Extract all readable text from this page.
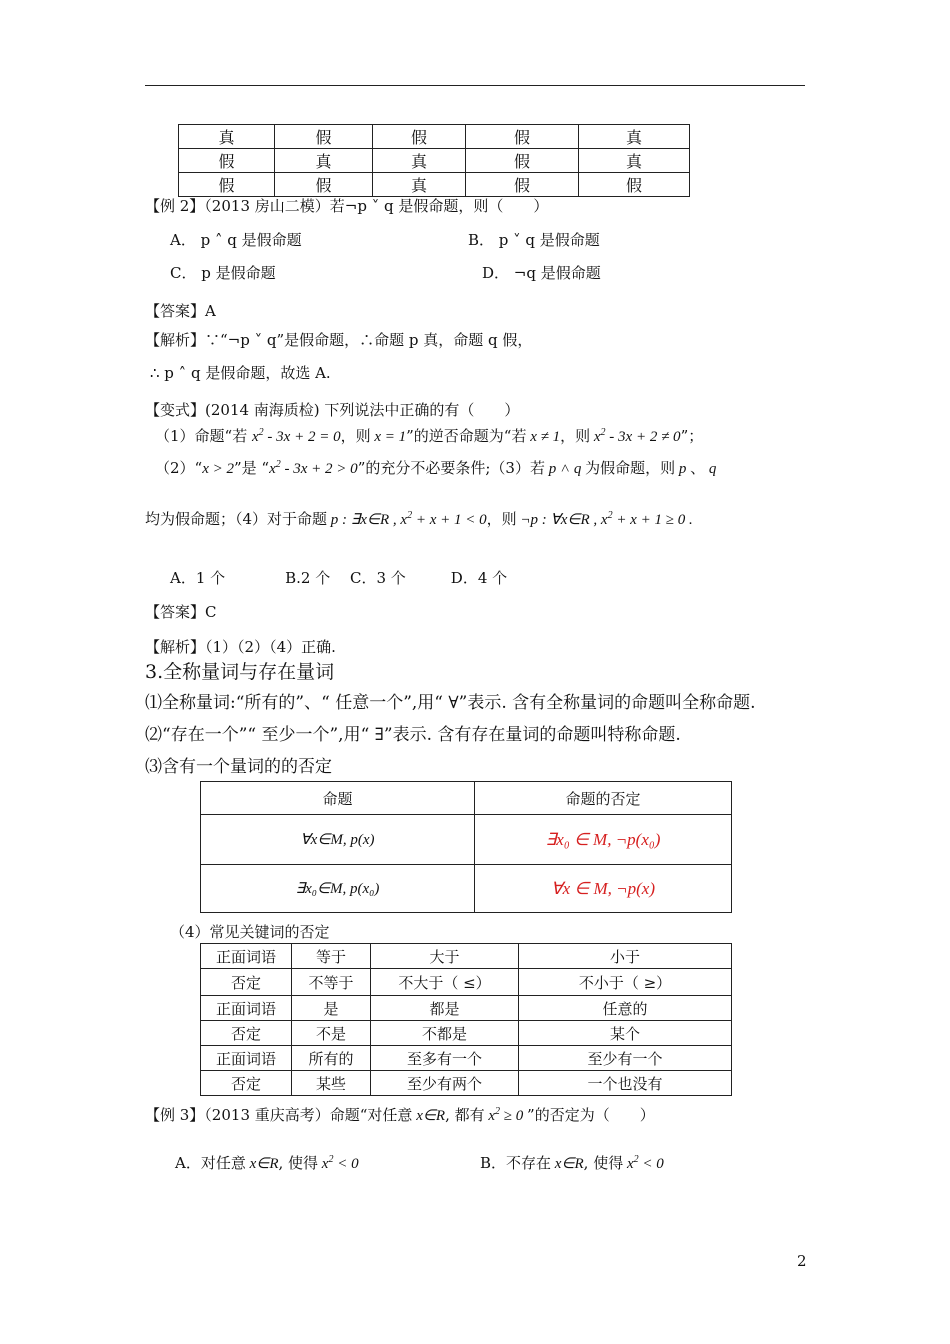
真	假	假	假	真
假	真	真	假	真
假	假	真	假	假
【例 2】（2013 房山二模）若¬p ˅ q 是假命题，则（　　）
A． p ˄ q 是假命题	B． p ˅ q 是假命题
C． p 是假命题	D． ¬q 是假命题
【答案】A
【解析】∵“¬p ˅ q”是假命题，∴命题 p 真，命题 q 假，
∴ p ˄ q 是假命题，故选 A.
【变式】(2014 南海质检) 下列说法中正确的有（　　）
（1）命题“若 $x^2 - 3x + 2 = 0$，则 x = 1”的逆否命题为“若 x ≠ 1，则 $x^2 - 3x + 2 \ne 0$”；
（2）“x > 2”是 “$x^2 - 3x + 2 > 0$”的充分不必要条件;（3）若 p ˄ q 为假命题，则 p 、 q
均为假命题；（4）对于命题 p : ∃x∈R , $x^2 + x + 1 < 0$，则 ¬p : ∀x∈R , $x^2 + x + 1 \ge 0$ .
A．1 个　　　　B.2 个　 C．3 个　　　D．4 个
【答案】C
【解析】（1）（2）（4）正确.
3.全称量词与存在量词
⑴全称量词:“所有的”、“ 任意一个”,用“ ∀”表示. 含有全称量词的命题叫全称命题.
⑵“存在一个”“ 至少一个”,用“ ∃”表示. 含有存在量词的命题叫特称命题.
⑶含有一个量词的的否定
命题	命题的否定
∀x∈M, p(x)	∃x₀ ∈ M, ¬p(x₀)
∃x₀∈M, p(x₀)	∀x ∈ M, ¬p(x)
（4）常见关键词的否定
正面词语	等于	大于	小于
否定	不等于	不大于（ ≤）	不小于（ ≥）
正面词语	是	都是	任意的
否定	不是	不都是	某个
正面词语	所有的	至多有一个	至少有一个
否定	某些	至少有两个	一个也没有
【例 3】（2013 重庆高考）命题“对任意 x∈R, 都有 $x^2 \ge 0$ ”的否定为（　　）
A．对任意 x∈R, 使得 $x^2 < 0$	B．不存在 x∈R, 使得 $x^2 < 0$
2
